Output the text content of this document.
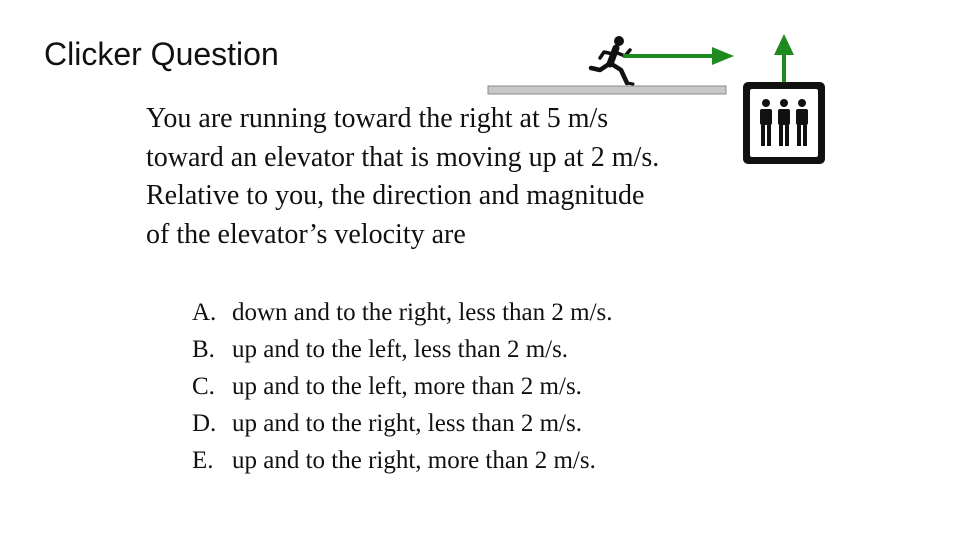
Clicker Question
You are running toward the right at 5 m/s
toward an elevator that is moving up at 2 m/s.
Relative to you, the direction and magnitude
of the elevator’s velocity are
A. down and to the right, less than 2 m/s.
B. up and to the left, less than 2 m/s.
C. up and to the left, more than 2 m/s.
D. up and to the right, less than 2 m/s.
E. up and to the right, more than 2 m/s.
